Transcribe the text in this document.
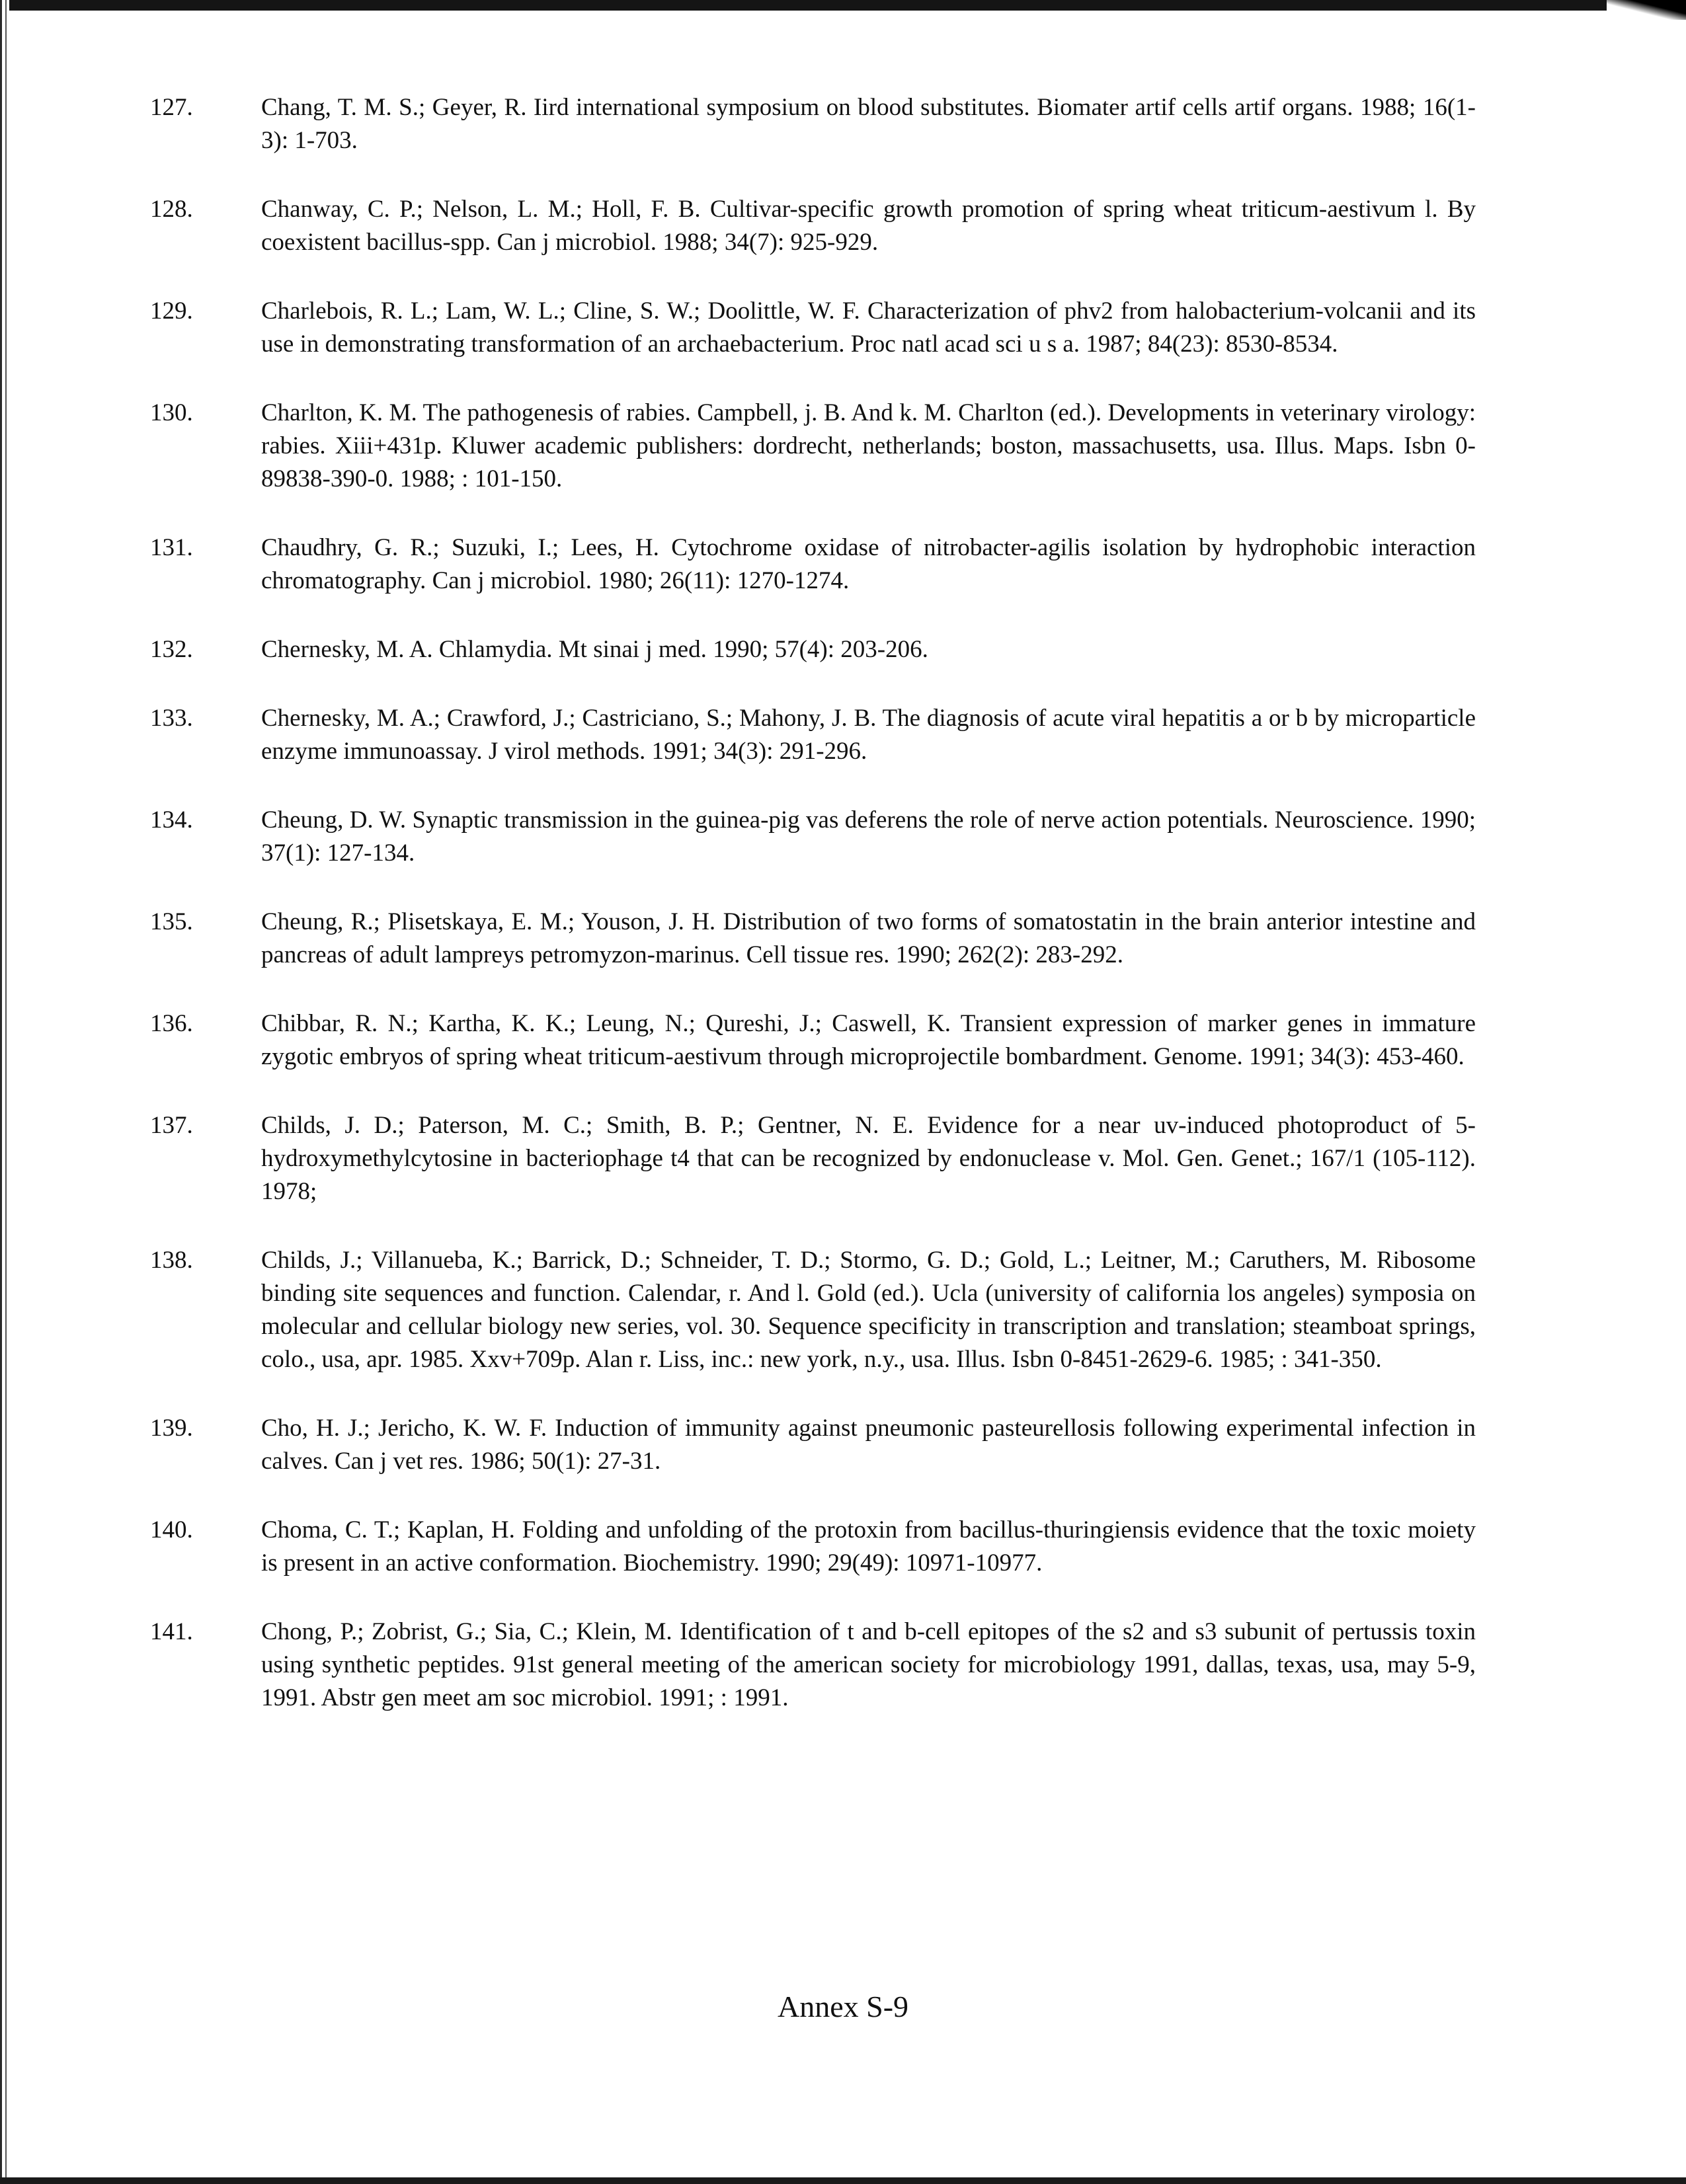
127.	Chang, T. M. S.; Geyer, R. Iird international symposium on blood substitutes. Biomater artif cells artif organs. 1988; 16(1- 3): 1-703.
128.	Chanway, C. P.; Nelson, L. M.; Holl, F. B. Cultivar-specific growth promotion of spring wheat triticum-aestivum l. By coexistent bacillus-spp. Can j microbiol. 1988; 34(7): 925-929.
129.	Charlebois, R. L.; Lam, W. L.; Cline, S. W.; Doolittle, W. F. Characterization of phv2 from halobacterium-volcanii and its use in demonstrating transformation of an archaebacterium. Proc natl acad sci u s a. 1987; 84(23): 8530-8534.
130.	Charlton, K. M. The pathogenesis of rabies. Campbell, j. B. And k. M. Charlton (ed.). Developments in veterinary virology: rabies. Xiii+431p. Kluwer academic publishers: dordrecht, netherlands; boston, massachusetts, usa. Illus. Maps. Isbn 0- 89838-390-0. 1988; : 101-150.
131.	Chaudhry, G. R.; Suzuki, I.; Lees, H. Cytochrome oxidase of nitrobacter-agilis isolation by hydrophobic interaction chromatography. Can j microbiol. 1980; 26(11): 1270-1274.
132.	Chernesky, M. A. Chlamydia. Mt sinai j med. 1990; 57(4): 203-206.
133.	Chernesky, M. A.; Crawford, J.; Castriciano, S.; Mahony, J. B. The diagnosis of acute viral hepatitis a or b by microparticle enzyme immunoassay. J virol methods. 1991; 34(3): 291-296.
134.	Cheung, D. W. Synaptic transmission in the guinea-pig vas deferens the role of nerve action potentials. Neuroscience. 1990; 37(1): 127-134.
135.	Cheung, R.; Plisetskaya, E. M.; Youson, J. H. Distribution of two forms of somatostatin in the brain anterior intestine and pancreas of adult lampreys petromyzon-marinus. Cell tissue res. 1990; 262(2): 283-292.
136.	Chibbar, R. N.; Kartha, K. K.; Leung, N.; Qureshi, J.; Caswell, K. Transient expression of marker genes in immature zygotic embryos of spring wheat triticum-aestivum through microprojectile bombardment. Genome. 1991; 34(3): 453-460.
137.	Childs, J. D.; Paterson, M. C.; Smith, B. P.; Gentner, N. E. Evidence for a near uv-induced photoproduct of 5-hydroxymethylcytosine in bacteriophage t4 that can be recognized by endonuclease v. Mol. Gen. Genet.; 167/1 (105-112). 1978;
138.	Childs, J.; Villanueba, K.; Barrick, D.; Schneider, T. D.; Stormo, G. D.; Gold, L.; Leitner, M.; Caruthers, M. Ribosome binding site sequences and function. Calendar, r. And l. Gold (ed.). Ucla (university of california los angeles) symposia on molecular and cellular biology new series, vol. 30. Sequence specificity in transcription and translation; steamboat springs, colo., usa, apr. 1985. Xxv+709p. Alan r. Liss, inc.: new york, n.y., usa. Illus. Isbn 0-8451-2629-6. 1985; : 341-350.
139.	Cho, H. J.; Jericho, K. W. F. Induction of immunity against pneumonic pasteurellosis following experimental infection in calves. Can j vet res. 1986; 50(1): 27-31.
140.	Choma, C. T.; Kaplan, H. Folding and unfolding of the protoxin from bacillus-thuringiensis evidence that the toxic moiety is present in an active conformation. Biochemistry. 1990; 29(49): 10971-10977.
141.	Chong, P.; Zobrist, G.; Sia, C.; Klein, M. Identification of t and b-cell epitopes of the s2 and s3 subunit of pertussis toxin using synthetic peptides. 91st general meeting of the american society for microbiology 1991, dallas, texas, usa, may 5-9, 1991. Abstr gen meet am soc microbiol. 1991; : 1991.
Annex S-9
